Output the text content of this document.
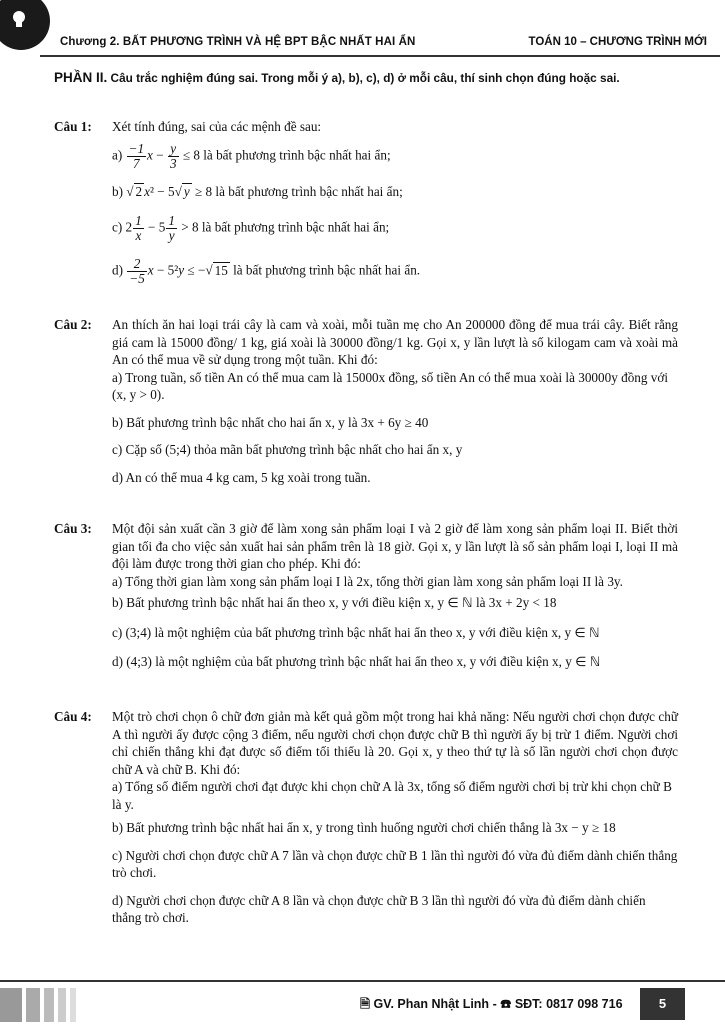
Chương 2. BẤT PHƯƠNG TRÌNH VÀ HỆ BPT BẬC NHẤT HAI ẨN	TOÁN 10 – CHƯƠNG TRÌNH MỚI
PHẦN II. Câu trắc nghiệm đúng sai. Trong mỗi ý a), b), c), d) ở mỗi câu, thí sinh chọn đúng hoặc sai.
Câu 1: Xét tính đúng, sai của các mệnh đề sau:
$a) \frac{-1}{7}$ $x - \frac{y}{3} \le 8$ là bất phương trình bậc nhất hai ẩn;
b) √ 2 x² − 5√ y ≥ 8 là bất phương trình bậc nhất hai ẩn;
c) $2 \frac{1}{x} - 5 \frac{1}{y} > 8$ là bất phương trình bậc nhất hai ẩn;
$d) \frac{2}{-5}$ x − 5²y ≤ −√ 15 là bất phương trình bậc nhất hai ẩn.
Câu 2: An thích ăn hai loại trái cây là cam và xoài, mỗi tuần mẹ cho An 200000 đồng để mua trái cây. Biết rằng giá cam là 15000 đồng/ 1 kg, giá xoài là 30000 đồng/1 kg. Gọi x, y lần lượt là số kilogam cam và xoài mà An có thể mua về sử dụng trong một tuần. Khi đó:
a) Trong tuần, số tiền An có thể mua cam là 15000x đồng, số tiền An có thể mua xoài là 30000y đồng với (x, y > 0).
b) Bất phương trình bậc nhất cho hai ẩn x, y là 3x + 6y ≥ 40
c) Cặp số (5;4) thỏa mãn bất phương trình bậc nhất cho hai ẩn x, y
d) An có thể mua 4 kg cam, 5 kg xoài trong tuần.
Câu 3: Một đội sản xuất cần 3 giờ để làm xong sản phẩm loại I và 2 giờ để làm xong sản phẩm loại II. Biết thời gian tối đa cho việc sản xuất hai sản phẩm trên là 18 giờ. Gọi x, y lần lượt là số sản phẩm loại I, loại II mà đội làm được trong thời gian cho phép. Khi đó:
a) Tổng thời gian làm xong sản phẩm loại I là 2x, tổng thời gian làm xong sản phẩm loại II là 3y.
b) Bất phương trình bậc nhất hai ẩn theo x, y với điều kiện x, y ∈ ℕ là 3x + 2y < 18
c) (3;4) là một nghiệm của bất phương trình bậc nhất hai ẩn theo x, y với điều kiện x, y ∈ ℕ
d) (4;3) là một nghiệm của bất phương trình bậc nhất hai ẩn theo x, y với điều kiện x, y ∈ ℕ
Câu 4: Một trò chơi chọn ô chữ đơn giản mà kết quả gồm một trong hai khả năng: Nếu người chơi chọn được chữ A thì người ấy được cộng 3 điểm, nếu người chơi chọn được chữ B thì người ấy bị trừ 1 điểm. Người chơi chỉ chiến thắng khi đạt được số điểm tối thiểu là 20. Gọi x, y theo thứ tự là số lần người chơi chọn được chữ A và chữ B. Khi đó:
a) Tổng số điểm người chơi đạt được khi chọn chữ A là 3x, tổng số điểm người chơi bị trừ khi chọn chữ B là y.
b) Bất phương trình bậc nhất hai ẩn x, y trong tình huống người chơi chiến thắng là 3x − y ≥ 18
c) Người chơi chọn được chữ A 7 lần và chọn được chữ B 1 lần thì người đó vừa đủ điểm dành chiến thắng trò chơi.
d) Người chơi chọn được chữ A 8 lần và chọn được chữ B 3 lần thì người đó vừa đủ điểm dành chiến thắng trò chơi.
🗎 GV. Phan Nhật Linh - ☎ SĐT: 0817 098 716	5
